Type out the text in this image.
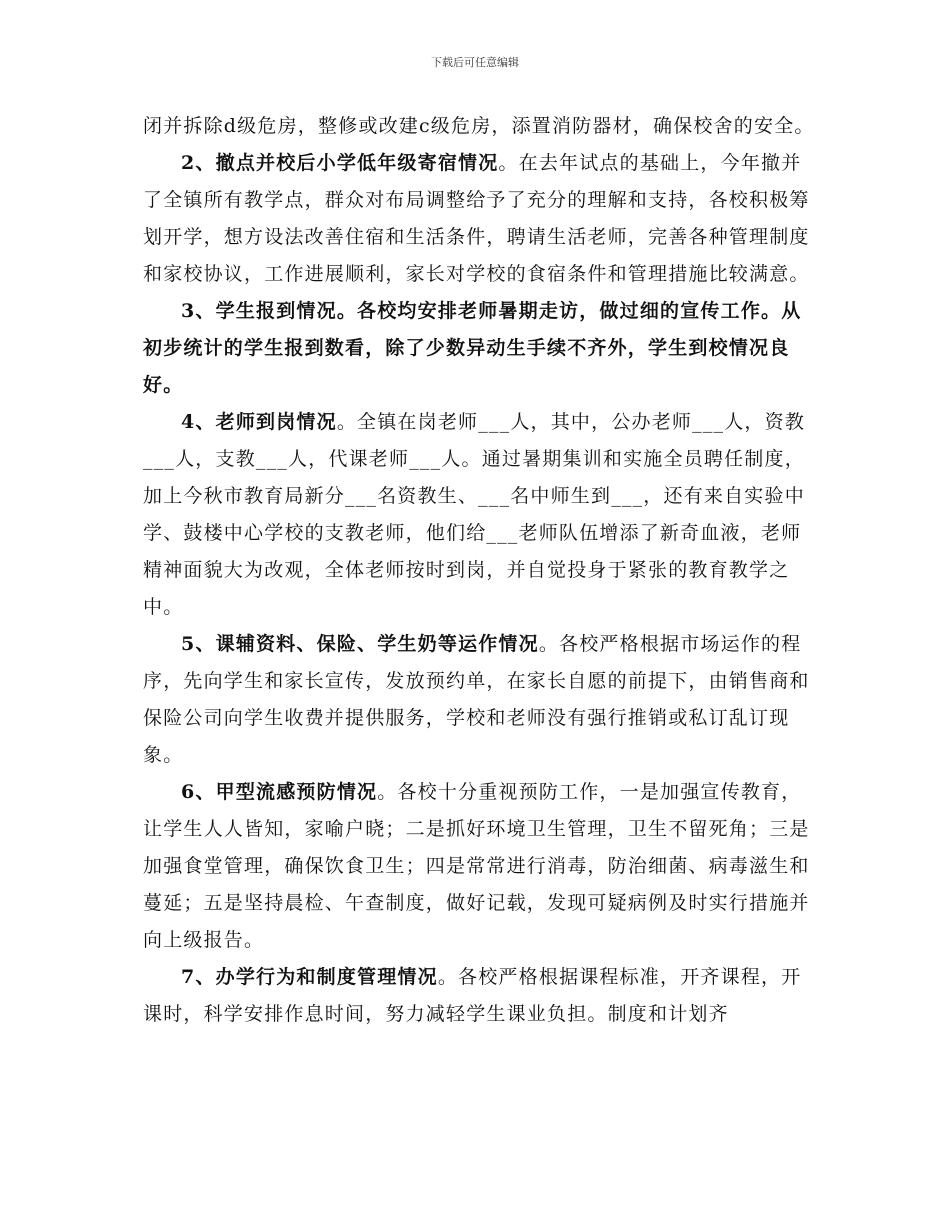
下载后可任意编辑

闭并拆除d级危房，整修或改建c级危房，添置消防器材，确保校舍的安全。

2、撤点并校后小学低年级寄宿情况。在去年试点的基础上，今年撤并了全镇所有教学点，群众对布局调整给予了充分的理解和支持，各校积极筹划开学，想方设法改善住宿和生活条件，聘请生活老师，完善各种管理制度和家校协议，工作进展顺利，家长对学校的食宿条件和管理措施比较满意。

3、学生报到情况。各校均安排老师暑期走访，做过细的宣传工作。从初步统计的学生报到数看，除了少数异动生手续不齐外，学生到校情况良好。

4、老师到岗情况。全镇在岗老师___人，其中，公办老师___人，资教___人，支教___人，代课老师___人。通过暑期集训和实施全员聘任制度，加上今秋市教育局新分___名资教生、___名中师生到___，还有来自实验中学、鼓楼中心学校的支教老师，他们给___老师队伍增添了新奇血液，老师精神面貌大为改观，全体老师按时到岗，并自觉投身于紧张的教育教学之中。

5、课辅资料、保险、学生奶等运作情况。各校严格根据市场运作的程序，先向学生和家长宣传，发放预约单，在家长自愿的前提下，由销售商和保险公司向学生收费并提供服务，学校和老师没有强行推销或私订乱订现象。

6、甲型流感预防情况。各校十分重视预防工作，一是加强宣传教育，让学生人人皆知，家喻户晓；二是抓好环境卫生管理，卫生不留死角；三是加强食堂管理，确保饮食卫生；四是常常进行消毒，防治细菌、病毒滋生和蔓延；五是坚持晨检、午查制度，做好记载，发现可疑病例及时实行措施并向上级报告。

7、办学行为和制度管理情况。各校严格根据课程标准，开齐课程，开课时，科学安排作息时间，努力减轻学生课业负担。制度和计划齐
